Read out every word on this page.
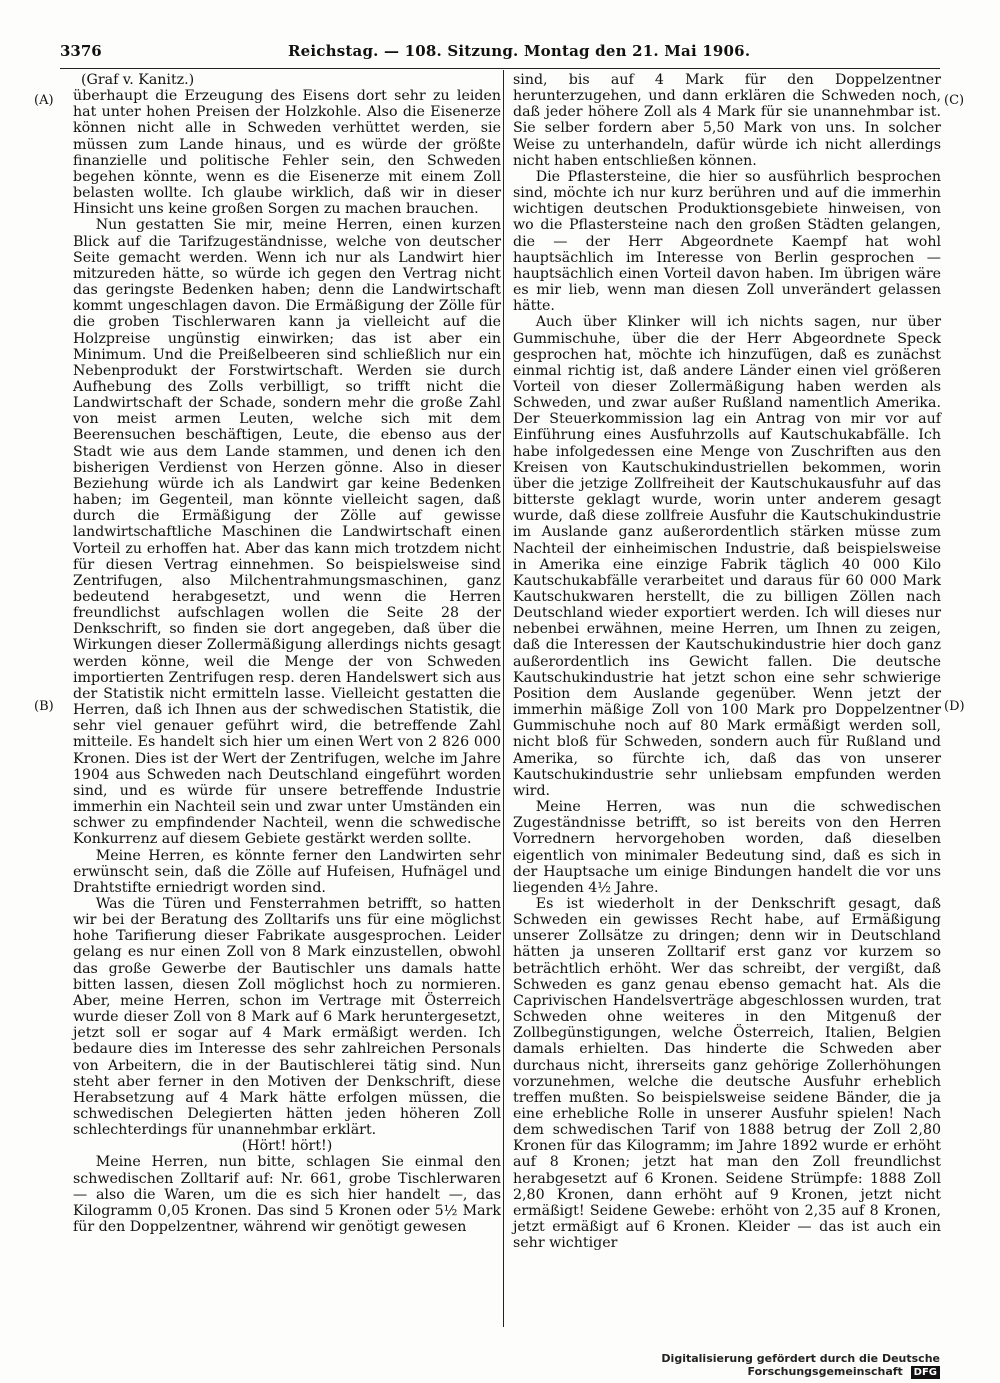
3376	Reichstag. — 108. Sitzung. Montag den 21. Mai 1906.
(A)
(B)
(C)
(D)

(Graf v. Kanitz.)

überhaupt die Erzeugung des Eisens dort sehr zu leiden hat unter hohen Preisen der Holzkohle. Also die Eisenerze können nicht alle in Schweden verhüttet werden, sie müssen zum Lande hinaus, und es würde der größte finanzielle und politische Fehler sein, den Schweden begehen könnte, wenn es die Eisenerze mit einem Zoll belasten wollte. Ich glaube wirklich, daß wir in dieser Hinsicht uns keine großen Sorgen zu machen brauchen.

Nun gestatten Sie mir, meine Herren, einen kurzen Blick auf die Tarifzugeständnisse, welche von deutscher Seite gemacht werden. Wenn ich nur als Landwirt hier mitzureden hätte, so würde ich gegen den Vertrag nicht das geringste Bedenken haben; denn die Landwirtschaft kommt ungeschlagen davon. Die Ermäßigung der Zölle für die groben Tischlerwaren kann ja vielleicht auf die Holzpreise ungünstig einwirken; das ist aber ein Minimum. Und die Preißelbeeren sind schließlich nur ein Nebenprodukt der Forstwirtschaft. Werden sie durch Aufhebung des Zolls verbilligt, so trifft nicht die Landwirtschaft der Schade, sondern mehr die große Zahl von meist armen Leuten, welche sich mit dem Beerensuchen beschäftigen, Leute, die ebenso aus der Stadt wie aus dem Lande stammen, und denen ich den bisherigen Verdienst von Herzen gönne. Also in dieser Beziehung würde ich als Landwirt gar keine Bedenken haben; im Gegenteil, man könnte vielleicht sagen, daß durch die Ermäßigung der Zölle auf gewisse landwirtschaftliche Maschinen die Landwirtschaft einen Vorteil zu erhoffen hat. Aber das kann mich trotzdem nicht für diesen Vertrag einnehmen. So beispielsweise sind Zentrifugen, also Milchentrahmungsmaschinen, ganz bedeutend herabgesetzt, und wenn die Herren freundlichst aufschlagen wollen die Seite 28 der Denkschrift, so finden sie dort angegeben, daß über die Wirkungen dieser Zollermäßigung allerdings nichts gesagt werden könne, weil die Menge der von Schweden importierten Zentrifugen resp. deren Handelswert sich aus der Statistik nicht ermitteln lasse. Vielleicht gestatten die Herren, daß ich Ihnen aus der schwedischen Statistik, die sehr viel genauer geführt wird, die betreffende Zahl mitteile. Es handelt sich hier um einen Wert von 2 826 000 Kronen. Dies ist der Wert der Zentrifugen, welche im Jahre 1904 aus Schweden nach Deutschland eingeführt worden sind, und es würde für unsere betreffende Industrie immerhin ein Nachteil sein und zwar unter Umständen ein schwer zu empfindender Nachteil, wenn die schwedische Konkurrenz auf diesem Gebiete gestärkt werden sollte.

Meine Herren, es könnte ferner den Landwirten sehr erwünscht sein, daß die Zölle auf Hufeisen, Hufnägel und Drahtstifte erniedrigt worden sind.

Was die Türen und Fensterrahmen betrifft, so hatten wir bei der Beratung des Zolltarifs uns für eine möglichst hohe Tarifierung dieser Fabrikate ausgesprochen. Leider gelang es nur einen Zoll von 8 Mark einzustellen, obwohl das große Gewerbe der Bautischler uns damals hatte bitten lassen, diesen Zoll möglichst hoch zu normieren. Aber, meine Herren, schon im Vertrage mit Österreich wurde dieser Zoll von 8 Mark auf 6 Mark heruntergesetzt, jetzt soll er sogar auf 4 Mark ermäßigt werden. Ich bedaure dies im Interesse des sehr zahlreichen Personals von Arbeitern, die in der Bautischlerei tätig sind. Nun steht aber ferner in den Motiven der Denkschrift, diese Herabsetzung auf 4 Mark hätte erfolgen müssen, die schwedischen Delegierten hätten jeden höheren Zoll schlechterdings für unannehmbar erklärt.

(Hört! hört!)

Meine Herren, nun bitte, schlagen Sie einmal den schwedischen Zolltarif auf: Nr. 661, grobe Tischlerwaren — also die Waren, um die es sich hier handelt —, das Kilogramm 0,05 Kronen. Das sind 5 Kronen oder 5½ Mark für den Doppelzentner, während wir genötigt gewesen

sind, bis auf 4 Mark für den Doppelzentner herunterzugehen, und dann erklären die Schweden noch, daß jeder höhere Zoll als 4 Mark für sie unannehmbar ist. Sie selber fordern aber 5,50 Mark von uns. In solcher Weise zu unterhandeln, dafür würde ich nicht allerdings nicht haben entschließen können.

Die Pflastersteine, die hier so ausführlich besprochen sind, möchte ich nur kurz berühren und auf die immerhin wichtigen deutschen Produktionsgebiete hinweisen, von wo die Pflastersteine nach den großen Städten gelangen, die — der Herr Abgeordnete Kaempf hat wohl hauptsächlich im Interesse von Berlin gesprochen — hauptsächlich einen Vorteil davon haben. Im übrigen wäre es mir lieb, wenn man diesen Zoll unverändert gelassen hätte.

Auch über Klinker will ich nichts sagen, nur über Gummischuhe, über die der Herr Abgeordnete Speck gesprochen hat, möchte ich hinzufügen, daß es zunächst einmal richtig ist, daß andere Länder einen viel größeren Vorteil von dieser Zollermäßigung haben werden als Schweden, und zwar außer Rußland namentlich Amerika. Der Steuerkommission lag ein Antrag von mir vor auf Einführung eines Ausfuhrzolls auf Kautschukabfälle. Ich habe infolgedessen eine Menge von Zuschriften aus den Kreisen von Kautschukindustriellen bekommen, worin über die jetzige Zollfreiheit der Kautschukausfuhr auf das bitterste geklagt wurde, worin unter anderem gesagt wurde, daß diese zollfreie Ausfuhr die Kautschukindustrie im Auslande ganz außerordentlich stärken müsse zum Nachteil der einheimischen Industrie, daß beispielsweise in Amerika eine einzige Fabrik täglich 40 000 Kilo Kautschukabfälle verarbeitet und daraus für 60 000 Mark Kautschukwaren herstellt, die zu billigen Zöllen nach Deutschland wieder exportiert werden. Ich will dieses nur nebenbei erwähnen, meine Herren, um Ihnen zu zeigen, daß die Interessen der Kautschukindustrie hier doch ganz außerordentlich ins Gewicht fallen. Die deutsche Kautschukindustrie hat jetzt schon eine sehr schwierige Position dem Auslande gegenüber. Wenn jetzt der immerhin mäßige Zoll von 100 Mark pro Doppelzentner Gummischuhe noch auf 80 Mark ermäßigt werden soll, nicht bloß für Schweden, sondern auch für Rußland und Amerika, so fürchte ich, daß das von unserer Kautschukindustrie sehr unliebsam empfunden werden wird.

Meine Herren, was nun die schwedischen Zugeständnisse betrifft, so ist bereits von den Herren Vorrednern hervorgehoben worden, daß dieselben eigentlich von minimaler Bedeutung sind, daß es sich in der Hauptsache um einige Bindungen handelt die vor uns liegenden 4½ Jahre.

Es ist wiederholt in der Denkschrift gesagt, daß Schweden ein gewisses Recht habe, auf Ermäßigung unserer Zollsätze zu dringen; denn wir in Deutschland hätten ja unseren Zolltarif erst ganz vor kurzem so beträchtlich erhöht. Wer das schreibt, der vergißt, daß Schweden es ganz genau ebenso gemacht hat. Als die Caprivischen Handelsverträge abgeschlossen wurden, trat Schweden ohne weiteres in den Mitgenuß der Zollbegünstigungen, welche Österreich, Italien, Belgien damals erhielten. Das hinderte die Schweden aber durchaus nicht, ihrerseits ganz gehörige Zollerhöhungen vorzunehmen, welche die deutsche Ausfuhr erheblich treffen mußten. So beispielsweise seidene Bänder, die ja eine erhebliche Rolle in unserer Ausfuhr spielen! Nach dem schwedischen Tarif von 1888 betrug der Zoll 2,80 Kronen für das Kilogramm; im Jahre 1892 wurde er erhöht auf 8 Kronen; jetzt hat man den Zoll freundlichst herabgesetzt auf 6 Kronen. Seidene Strümpfe: 1888 Zoll 2,80 Kronen, dann erhöht auf 9 Kronen, jetzt nicht ermäßigt! Seidene Gewebe: erhöht von 2,35 auf 8 Kronen, jetzt ermäßigt auf 6 Kronen. Kleider — das ist auch ein sehr wichtiger

Digitalisierung gefördert durch die Deutsche Forschungsgemeinschaft DFG
